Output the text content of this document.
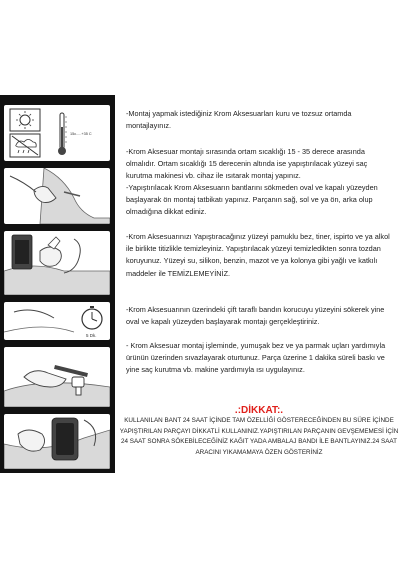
15c.....+35 C
5 Dk.

-Montaj yapmak istediğiniz Krom Aksesuarları kuru ve tozsuz ortamda montajlayınız.

-Krom Aksesuar montajı sırasında ortam sıcaklığı 15 - 35 derece arasında olmalıdır. Ortam sıcaklığı 15 derecenin altında ise yapıştırılacak yüzeyi saç kurutma makinesi vb. cihaz ile ısıtarak montaj yapınız.

-Yapıştırılacak Krom Aksesuarın bantlarını sökmeden oval ve kapalı yüzeyden başlayarak ön montaj tatbikatı yapınız. Parçanın sağ, sol ve ya ön, arka olup olmadığına dikkat ediniz.

-Krom Aksesuarınızı Yapıştıracağınız yüzeyi pamuklu bez, tiner, ispirto ve ya alkol ile birlikte titizlikle temizleyiniz. Yapıştırılacak yüzeyi temizledikten sonra tozdan koruyunuz. Yüzeyi su, silikon, benzin, mazot ve ya kolonya gibi yağlı ve katkılı maddeler ile TEMİZLEMEYİNİZ.

-Krom Aksesuarının üzerindeki çift taraflı bandın korucuyu yüzeyini sökerek yine oval ve kapalı yüzeyden başlayarak montajı gerçekleştiriniz.

- Krom Aksesuar montaj işleminde, yumuşak bez ve ya parmak uçları yardımıyla ürünün üzerinden sıvazlayarak oturtunuz. Parça üzerine 1 dakika süreli baskı ve yine saç kurutma vb. makine yardımıyla ısı uygulayınız.

.:DİKKAT:.

KULLANILAN BANT 24 SAAT İÇİNDE TAM ÖZELLİĞİ GÖSTERECEĞİNDEN BU SÜRE İÇİNDE YAPIŞTIRILAN PARÇAYI DİKKATLİ KULLANINIZ.YAPIŞTIRILAN PARÇANIN GEVŞEMEMESİ İÇİN 24 SAAT SONRA SÖKEBİLECEĞİNİZ KAĞIT YADA AMBALAJ BANDI İLE BANTLAYINIZ.24 SAAT ARACINI YIKAMAMAYA ÖZEN GÖSTERİNİZ
